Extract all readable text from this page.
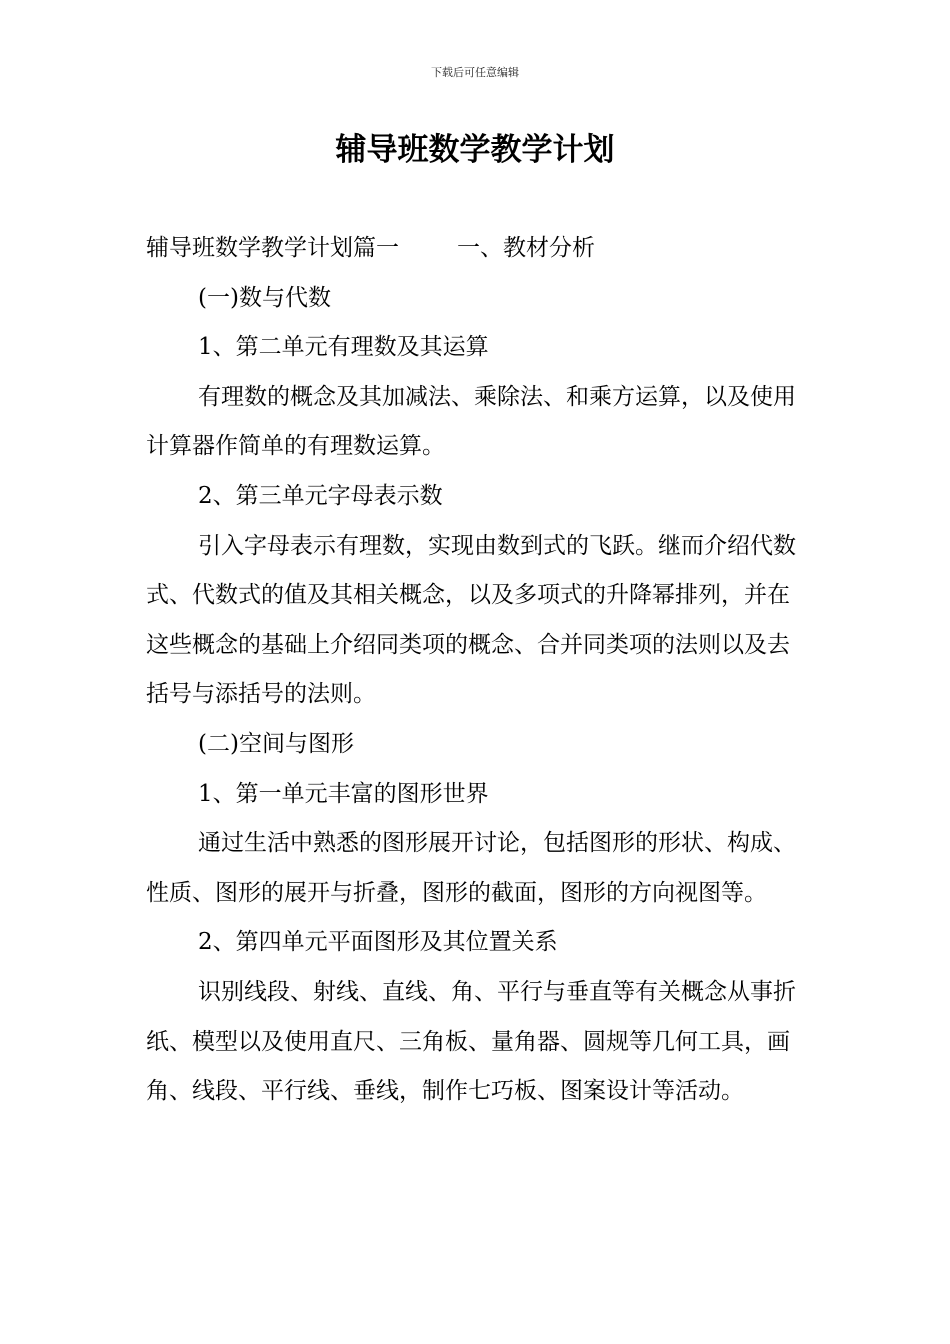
下载后可任意编辑
辅导班数学教学计划

辅导班数学教学计划篇一	一、教材分析

(一)数与代数

1、第二单元有理数及其运算

有理数的概念及其加减法、乘除法、和乘方运算，以及使用计算器作简单的有理数运算。

2、第三单元字母表示数

引入字母表示有理数，实现由数到式的飞跃。继而介绍代数式、代数式的值及其相关概念，以及多项式的升降幂排列，并在这些概念的基础上介绍同类项的概念、合并同类项的法则以及去括号与添括号的法则。

(二)空间与图形

1、第一单元丰富的图形世界

通过生活中熟悉的图形展开讨论，包括图形的形状、构成、性质、图形的展开与折叠，图形的截面，图形的方向视图等。

2、第四单元平面图形及其位置关系

识别线段、射线、直线、角、平行与垂直等有关概念从事折纸、模型以及使用直尺、三角板、量角器、圆规等几何工具，画角、线段、平行线、垂线，制作七巧板、图案设计等活动。
